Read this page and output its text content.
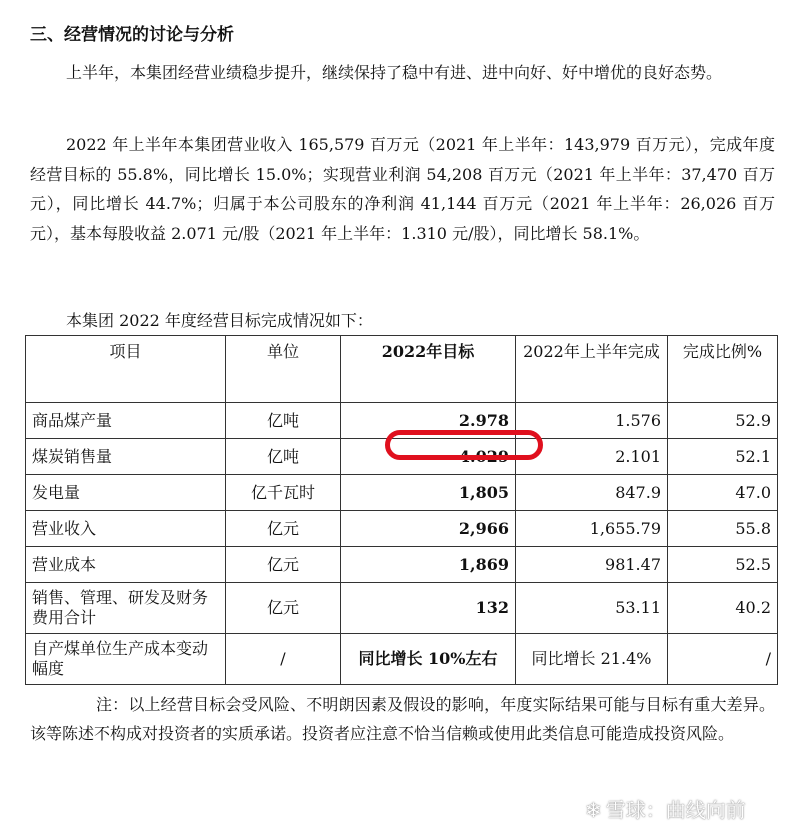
三、经营情况的讨论与分析
上半年，本集团经营业绩稳步提升，继续保持了稳中有进、进中向好、好中增优的良好态势。
2022 年上半年本集团营业收入 165,579 百万元（2021 年上半年：143,979 百万元），完成年度经营目标的 55.8%，同比增长 15.0%；实现营业利润 54,208 百万元（2021 年上半年：37,470 百万元），同比增长 44.7%；归属于本公司股东的净利润 41,144 百万元（2021 年上半年：26,026 百万元），基本每股收益 2.071 元/股（2021 年上半年：1.310 元/股），同比增长 58.1%。
本集团 2022 年度经营目标完成情况如下：
项目	单位	2022年目标	2022年上半年完成	完成比例%
商品煤产量	亿吨	2.978	1.576	52.9
煤炭销售量	亿吨	4.029	2.101	52.1
发电量	亿千瓦时	1,805	847.9	47.0
营业收入	亿元	2,966	1,655.79	55.8
营业成本	亿元	1,869	981.47	52.5
销售、管理、研发及财务费用合计	亿元	132	53.11	40.2
自产煤单位生产成本变动幅度	/	同比增长 10%左右	同比增长 21.4%	/
注：以上经营目标会受风险、不明朗因素及假设的影响，年度实际结果可能与目标有重大差异。该等陈述不构成对投资者的实质承诺。投资者应注意不恰当信赖或使用此类信息可能造成投资风险。
❄ 雪球：曲线向前
